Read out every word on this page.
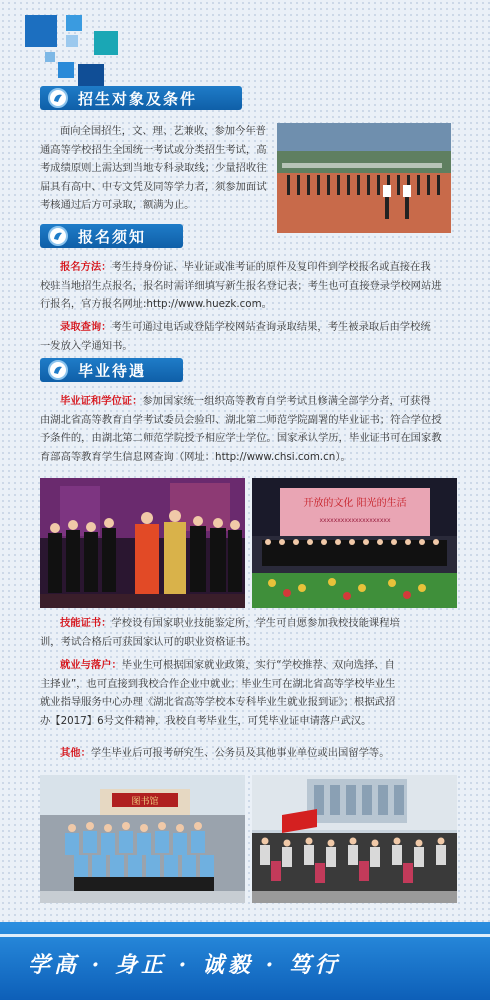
招生对象及条件
面向全国招生，文、理、艺兼收，参加今年普
通高等学校招生全国统一考试或分类招生考试，高
考成绩原则上需达到当地专科录取线；少量招收往
届具有高中、中专文凭及同等学力者，须参加面试
考核通过后方可录取，额满为止。
报名须知
报名方法：考生持身份证、毕业证或准考证的原件及复印件到学校报名或直接在我
校驻当地招生点报名，报名时需详细填写新生报名登记表；考生也可直接登录学校网站进
行报名，官方报名网址:http://www.huezk.com。
录取查询：考生可通过电话或登陆学校网站查询录取结果，考生被录取后由学校统
一发放入学通知书。
毕业待遇
毕业证和学位证：参加国家统一组织高等教育自学考试且修满全部学分者，可获得
由湖北省高等教育自学考试委员会验印、湖北第二师范学院副署的毕业证书；符合学位授
予条件的，由湖北第二师范学院授予相应学士学位。国家承认学历，毕业证书可在国家教
育部高等教育学生信息网查询（网址：http://www.chsi.com.cn）。
开放的文化 阳光的生活
xxxxxxxxxxxxxxxxxxxx
技能证书：学校设有国家职业技能鉴定所，学生可自愿参加我校技能课程培
训，考试合格后可获国家认可的职业资格证书。
就业与落户：毕业生可根据国家就业政策，实行“学校推荐、双向选择、自
主择业”，也可直接到我校合作企业中就业；毕业生可在湖北省高等学校毕业生
就业指导服务中心办理《湖北省高等学校本专科毕业生就业报到证》；根据武招
办【2017】6号文件精神，我校自考毕业生，可凭毕业证申请落户武汉。
其他：学生毕业后可报考研究生、公务员及其他事业单位或出国留学等。
图书馆
学高 · 身正 · 诚毅 · 笃行
